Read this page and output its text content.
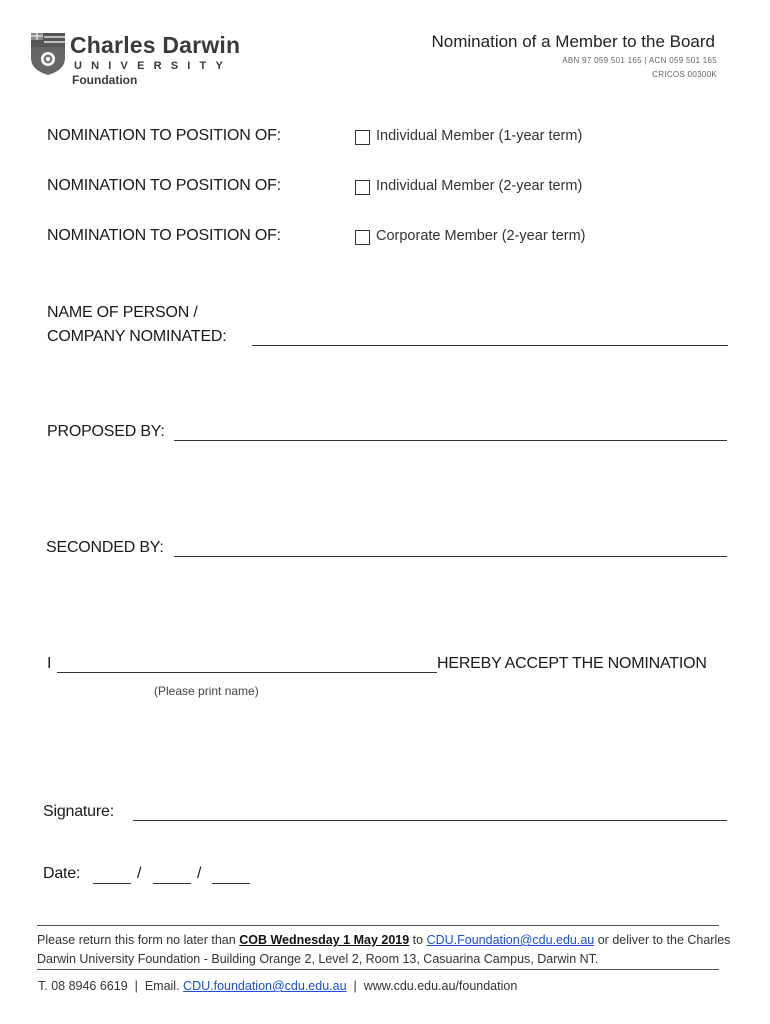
Charles Darwin
UNIVERSITY
Foundation
Nomination of a Member to the Board
ABN 97 059 501 165 | ACN 059 501 165
CRICOS 00300K
NOMINATION TO POSITION OF:	Individual Member (1-year term)
NOMINATION TO POSITION OF:	Individual Member (2-year term)
NOMINATION TO POSITION OF:	Corporate Member (2-year term)
NAME OF PERSON /
COMPANY NOMINATED:
PROPOSED BY:
SECONDED BY:
I	HEREBY ACCEPT THE NOMINATION
(Please print name)
Signature:
Date:	/	/
Please return this form no later than COB Wednesday 1 May 2019 to CDU.Foundation@cdu.edu.au or deliver to the Charles Darwin University Foundation - Building Orange 2, Level 2, Room 13, Casuarina Campus, Darwin NT.
T. 08 8946 6619 | Email. CDU.foundation@cdu.edu.au | www.cdu.edu.au/foundation
